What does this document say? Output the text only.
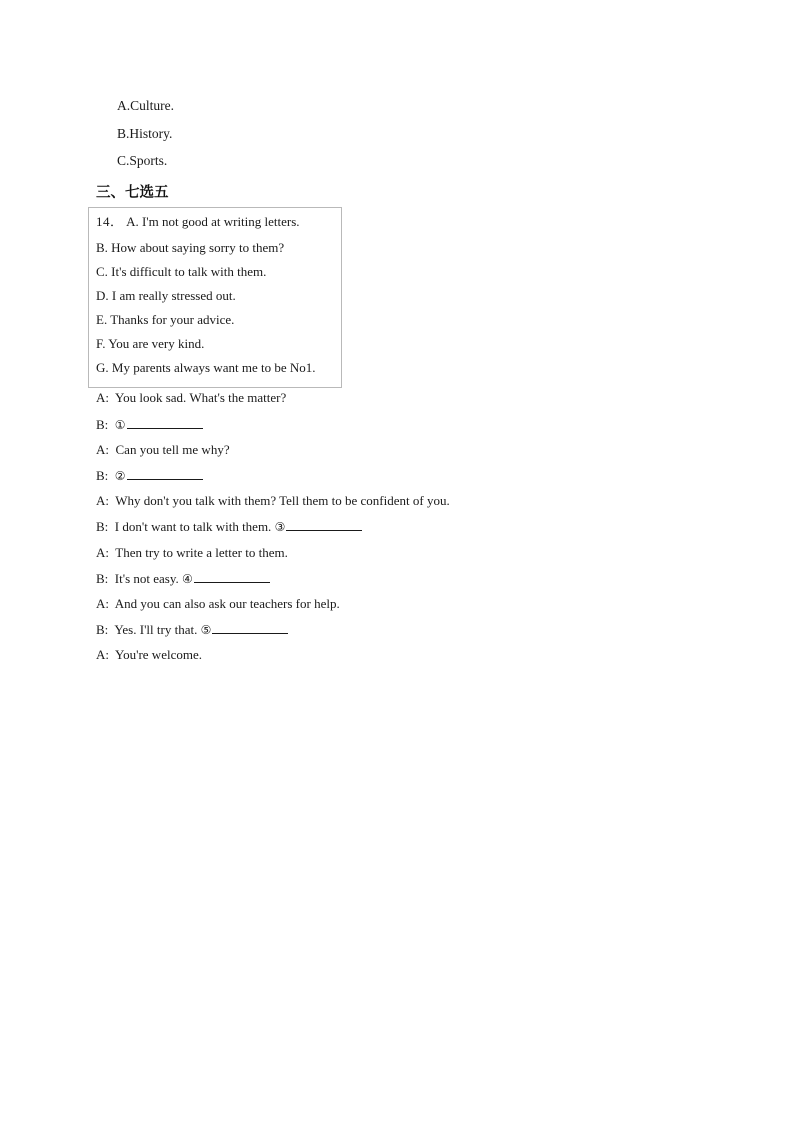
A.Culture.
B.History.
C.Sports.
三、七选五
14． A. I'm not good at writing letters.
B. How about saying sorry to them?
C. It's difficult to talk with them.
D. I am really stressed out.
E. Thanks for your advice.
F. You are very kind.
G. My parents always want me to be No1.
A: You look sad. What's the matter?
B: ①
A: Can you tell me why?
B: ②
A: Why don't you talk with them? Tell them to be confident of you.
B: I don't want to talk with them. ③
A: Then try to write a letter to them.
B: It's not easy. ④
A: And you can also ask our teachers for help.
B: Yes. I'll try that. ⑤
A: You're welcome.
